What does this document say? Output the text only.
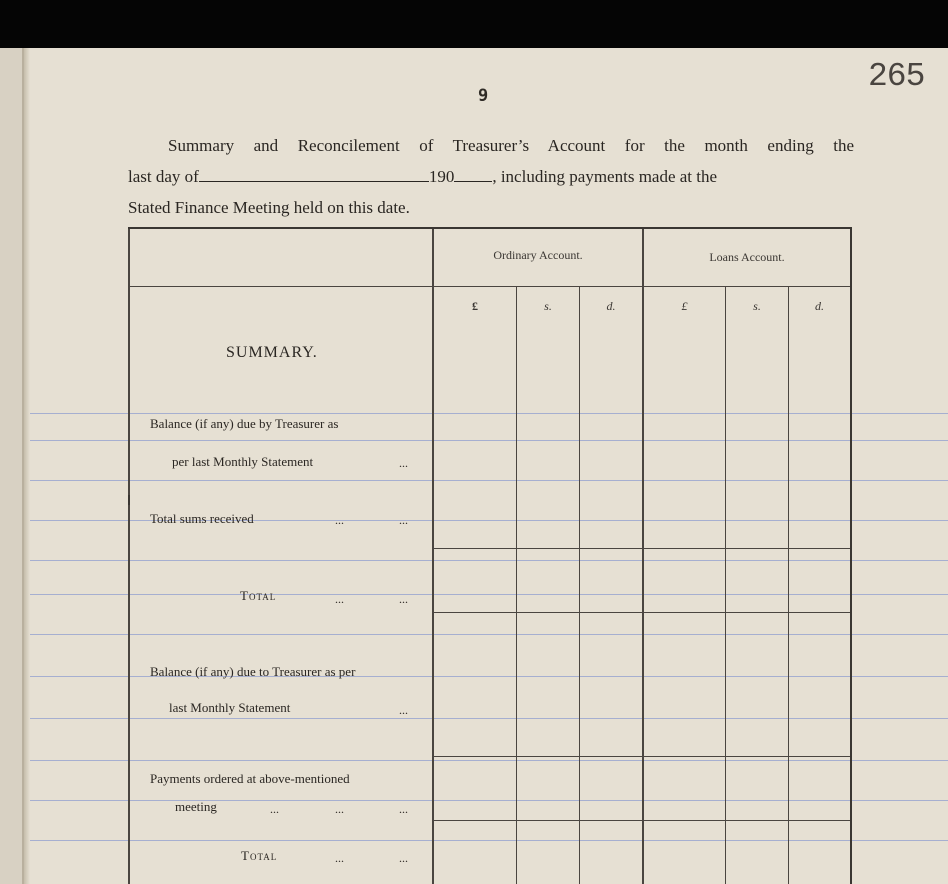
9
265
Summary and Reconcilement of Treasurer’s Account for the month ending the
last day of	190 , including payments made at the
Stated Finance Meeting held on this date.
Ordinary Account.	Loans Account.
£	s.	d.	£	s.	d.
SUMMARY.
Balance (if any) due by Treasurer as
per last Monthly Statement	...
Total sums received	...	...
Total	...	...
Balance (if any) due to Treasurer as per
last Monthly Statement	...
Payments ordered at above-mentioned
meeting	...	...	...
Total	...	...
